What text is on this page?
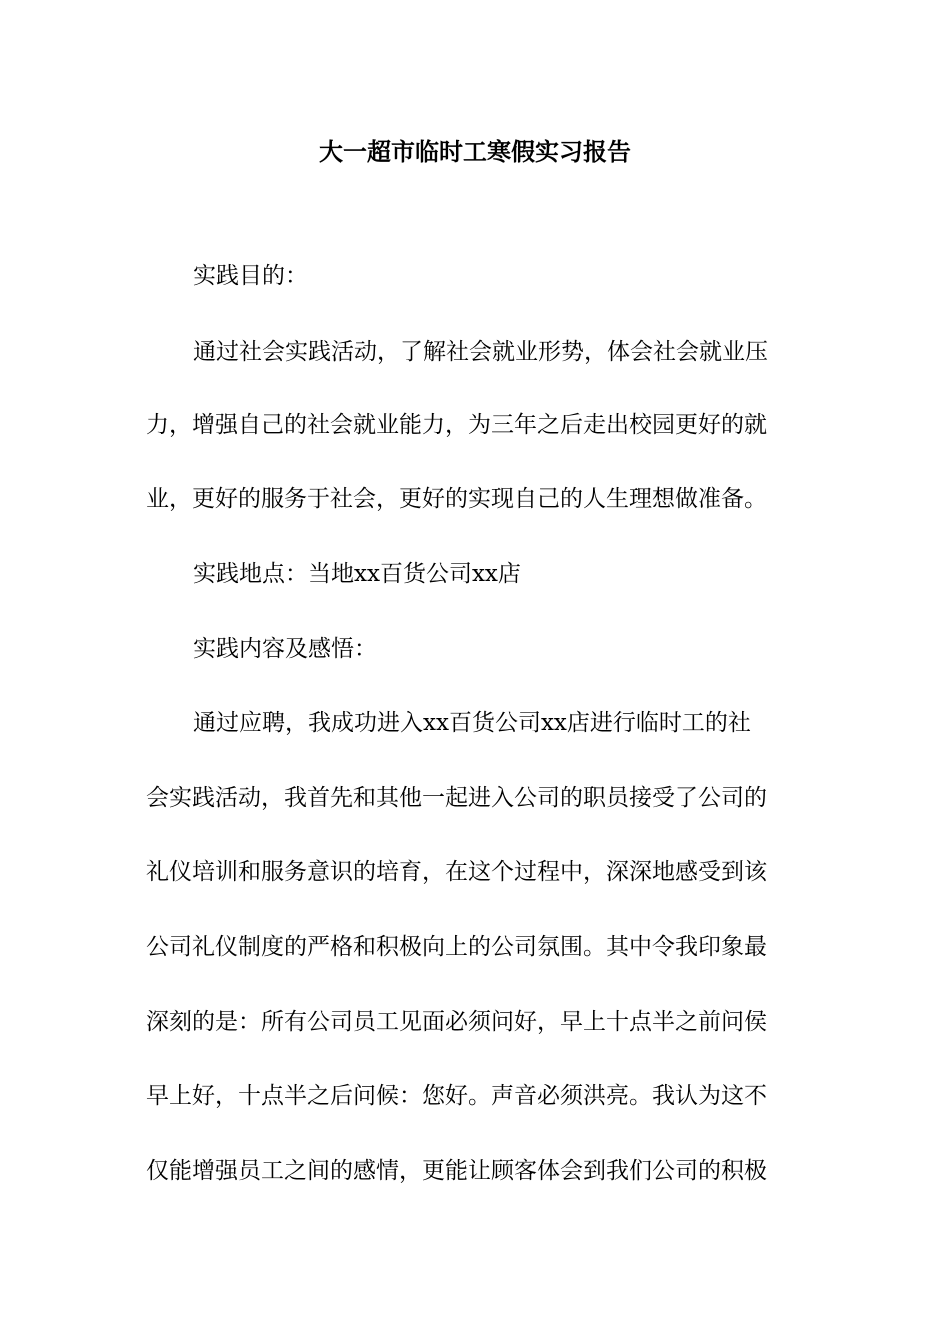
大一超市临时工寒假实习报告
实践目的：
通过社会实践活动，了解社会就业形势，体会社会就业压
力，增强自己的社会就业能力，为三年之后走出校园更好的就
业，更好的服务于社会，更好的实现自己的人生理想做准备。
实践地点：当地xx百货公司xx店
实践内容及感悟：
通过应聘，我成功进入xx百货公司xx店进行临时工的社
会实践活动，我首先和其他一起进入公司的职员接受了公司的
礼仪培训和服务意识的培育，在这个过程中，深深地感受到该
公司礼仪制度的严格和积极向上的公司氛围。其中令我印象最
深刻的是：所有公司员工见面必须问好，早上十点半之前问侯
早上好，十点半之后问候：您好。声音必须洪亮。我认为这不
仅能增强员工之间的感情，更能让顾客体会到我们公司的积极
